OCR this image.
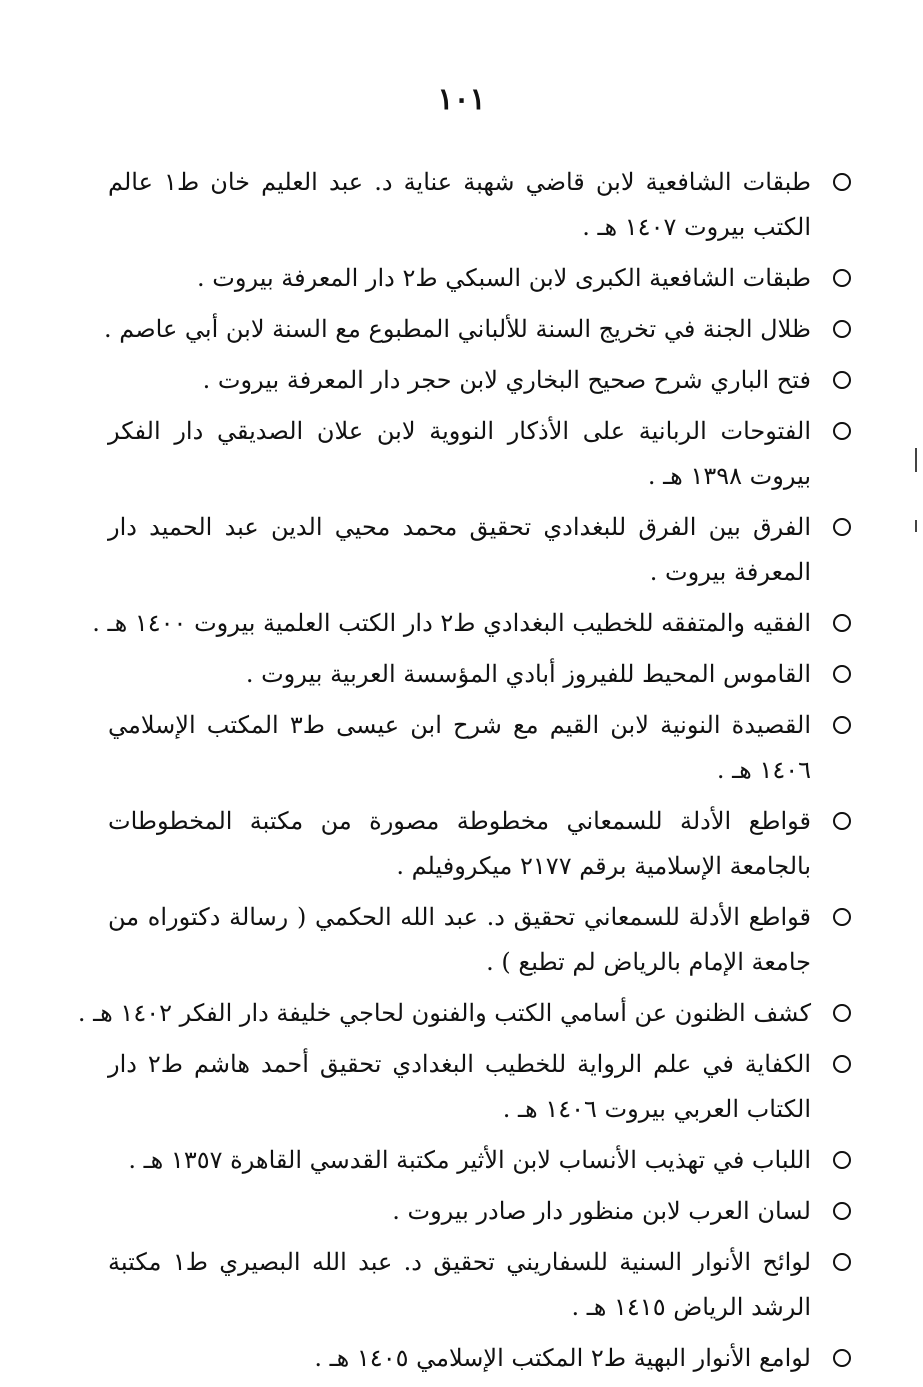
١٠١
طبقات الشافعية لابن قاضي شهبة عناية د. عبد العليم خان ط١ عالم الكتب بيروت ١٤٠٧ هـ .
طبقات الشافعية الكبرى لابن السبكي ط٢ دار المعرفة بيروت .
ظلال الجنة في تخريج السنة للألباني المطبوع مع السنة لابن أبي عاصم .
فتح الباري شرح صحيح البخاري لابن حجر دار المعرفة بيروت .
الفتوحات الربانية على الأذكار النووية لابن علان الصديقي دار الفكر بيروت ١٣٩٨ هـ .
الفرق بين الفرق للبغدادي تحقيق محمد محيي الدين عبد الحميد دار المعرفة بيروت .
الفقيه والمتفقه للخطيب البغدادي ط٢ دار الكتب العلمية بيروت ١٤٠٠ هـ .
القاموس المحيط للفيروز أبادي المؤسسة العربية بيروت .
القصيدة النونية لابن القيم مع شرح ابن عيسى ط٣ المكتب الإسلامي ١٤٠٦ هـ .
قواطع الأدلة للسمعاني مخطوطة مصورة من مكتبة المخطوطات بالجامعة الإسلامية برقم ٢١٧٧ ميكروفيلم .
قواطع الأدلة للسمعاني تحقيق د. عبد الله الحكمي ( رسالة دكتوراه من جامعة الإمام بالرياض لم تطبع ) .
كشف الظنون عن أسامي الكتب والفنون لحاجي خليفة دار الفكر ١٤٠٢ هـ .
الكفاية في علم الرواية للخطيب البغدادي تحقيق أحمد هاشم ط٢ دار الكتاب العربي بيروت ١٤٠٦ هـ .
اللباب في تهذيب الأنساب لابن الأثير مكتبة القدسي القاهرة ١٣٥٧ هـ .
لسان العرب لابن منظور دار صادر بيروت .
لوائح الأنوار السنية للسفاريني تحقيق د. عبد الله البصيري ط١ مكتبة الرشد الرياض ١٤١٥ هـ .
لوامع الأنوار البهية ط٢ المكتب الإسلامي ١٤٠٥ هـ .
